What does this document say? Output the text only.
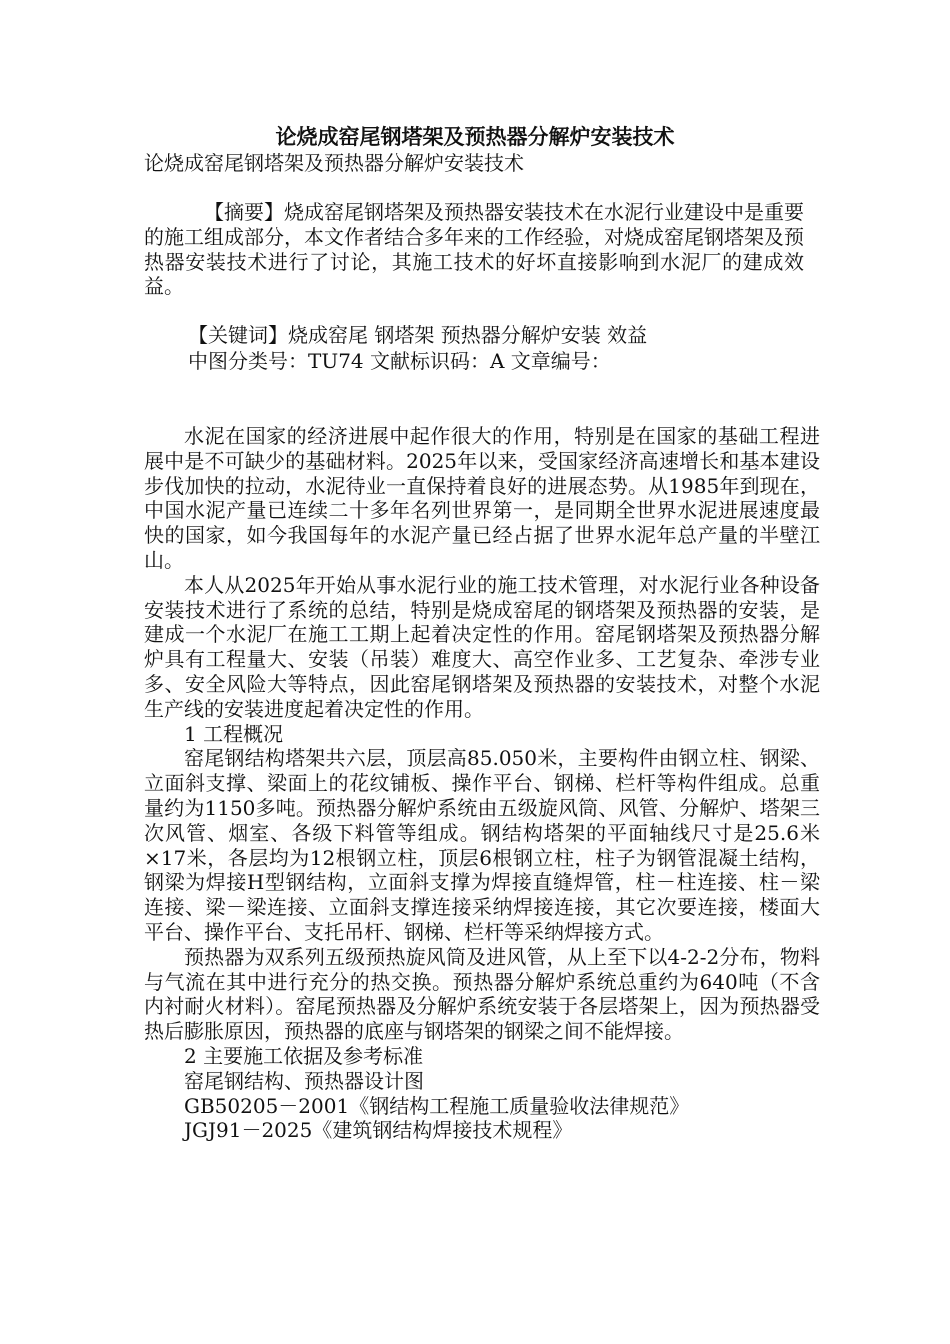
论烧成窑尾钢塔架及预热器分解炉安装技术
论烧成窑尾钢塔架及预热器分解炉安装技术

【摘要】烧成窑尾钢塔架及预热器安装技术在水泥行业建设中是重要的施工组成部分，本文作者结合多年来的工作经验，对烧成窑尾钢塔架及预热器安装技术进行了讨论，其施工技术的好坏直接影响到水泥厂的建成效益。

【关键词】烧成窑尾 钢塔架 预热器分解炉安装 效益
中图分类号：TU74 文献标识码：A 文章编号：

水泥在国家的经济进展中起作很大的作用，特别是在国家的基础工程进展中是不可缺少的基础材料。2025年以来，受国家经济高速增长和基本建设步伐加快的拉动，水泥待业一直保持着良好的进展态势。从1985年到现在，中国水泥产量已连续二十多年名列世界第一，是同期全世界水泥进展速度最快的国家，如今我国每年的水泥产量已经占据了世界水泥年总产量的半壁江山。

本人从2025年开始从事水泥行业的施工技术管理，对水泥行业各种设备安装技术进行了系统的总结，特别是烧成窑尾的钢塔架及预热器的安装，是建成一个水泥厂在施工工期上起着决定性的作用。窑尾钢塔架及预热器分解炉具有工程量大、安装（吊装）难度大、高空作业多、工艺复杂、牵涉专业多、安全风险大等特点，因此窑尾钢塔架及预热器的安装技术，对整个水泥生产线的安装进度起着决定性的作用。

1 工程概况

窑尾钢结构塔架共六层，顶层高85.050米，主要构件由钢立柱、钢梁、立面斜支撑、梁面上的花纹铺板、操作平台、钢梯、栏杆等构件组成。总重量约为1150多吨。预热器分解炉系统由五级旋风筒、风管、分解炉、塔架三次风管、烟室、各级下料管等组成。钢结构塔架的平面轴线尺寸是25.6米×17米，各层均为12根钢立柱，顶层6根钢立柱，柱子为钢管混凝土结构，钢梁为焊接H型钢结构，立面斜支撑为焊接直缝焊管，柱－柱连接、柱－梁连接、梁－梁连接、立面斜支撑连接采纳焊接连接，其它次要连接，楼面大平台、操作平台、支托吊杆、钢梯、栏杆等采纳焊接方式。

预热器为双系列五级预热旋风筒及进风管，从上至下以4-2-2分布，物料与气流在其中进行充分的热交换。预热器分解炉系统总重约为640吨（不含内衬耐火材料）。窑尾预热器及分解炉系统安装于各层塔架上，因为预热器受热后膨胀原因，预热器的底座与钢塔架的钢梁之间不能焊接。

2 主要施工依据及参考标准

窑尾钢结构、预热器设计图

GB50205－2001《钢结构工程施工质量验收法律规范》

JGJ91－2025《建筑钢结构焊接技术规程》
